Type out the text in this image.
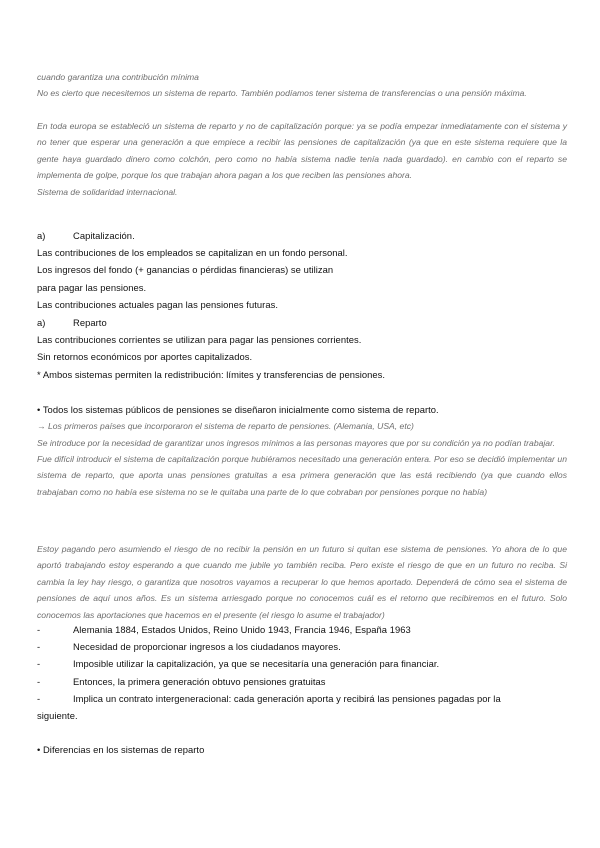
cuando garantiza una contribución mínima

No es cierto que necesitemos un sistema de reparto. También podíamos tener sistema de transferencias o una pensión máxima.

En toda europa se estableció un sistema de reparto y no de capitalización porque: ya se podía empezar inmediatamente con el sistema y no tener que esperar una generación a que empiece a recibir las pensiones de capitalización (ya que en este sistema requiere que la gente haya guardado dinero como colchón, pero como no había sistema nadie tenía nada guardado). en cambio con el reparto se implementa de golpe, porque los que trabajan ahora pagan a los que reciben las pensiones ahora.

Sistema de solidaridad internacional.

a)	Capitalización.

Las contribuciones de los empleados se capitalizan en un fondo personal.

Los ingresos del fondo (+ ganancias o pérdidas financieras) se utilizan

para pagar las pensiones.

Las contribuciones actuales pagan las pensiones futuras.

a)	Reparto

Las contribuciones corrientes se utilizan para pagar las pensiones corrientes.

Sin retornos económicos por aportes capitalizados.

* Ambos sistemas permiten la redistribución: límites y transferencias de pensiones.

• Todos los sistemas públicos de pensiones se diseñaron inicialmente como sistema de reparto.

→ Los primeros países que incorporaron el sistema de reparto de pensiones. (Alemania, USA, etc)

Se introduce por la necesidad de garantizar unos ingresos mínimos a las personas mayores que por su condición ya no podían trabajar.

Fue difícil introducir el sistema de capitalización porque hubiéramos necesitado una generación entera. Por eso se decidió implementar un sistema de reparto, que aporta unas pensiones gratuitas a esa primera generación que las está recibiendo (ya que cuando ellos trabajaban como no había ese sistema no se le quitaba una parte de lo que cobraban por pensiones porque no había)

Estoy pagando pero asumiendo el riesgo de no recibir la pensión en un futuro si quitan ese sistema de pensiones. Yo ahora de lo que aportó trabajando estoy esperando a que cuando me jubile yo también reciba. Pero existe el riesgo de que en un futuro no reciba. Si cambia la ley hay riesgo, o garantiza que nosotros vayamos a recuperar lo que hemos aportado. Dependerá de cómo sea el sistema de pensiones de aquí unos años. Es un sistema arriesgado porque no conocemos cuál es el retorno que recibiremos en el futuro. Solo conocemos las aportaciones que hacemos en el presente (el riesgo lo asume el trabajador)

-	Alemania 1884, Estados Unidos, Reino Unido 1943, Francia 1946, España 1963
-	Necesidad de proporcionar ingresos a los ciudadanos mayores.
-	Imposible utilizar la capitalización, ya que se necesitaría una generación para financiar.
-	Entonces, la primera generación obtuvo pensiones gratuitas
-	Implica un contrato intergeneracional: cada generación aporta y recibirá las pensiones pagadas por la

siguiente.

• Diferencias en los sistemas de reparto
